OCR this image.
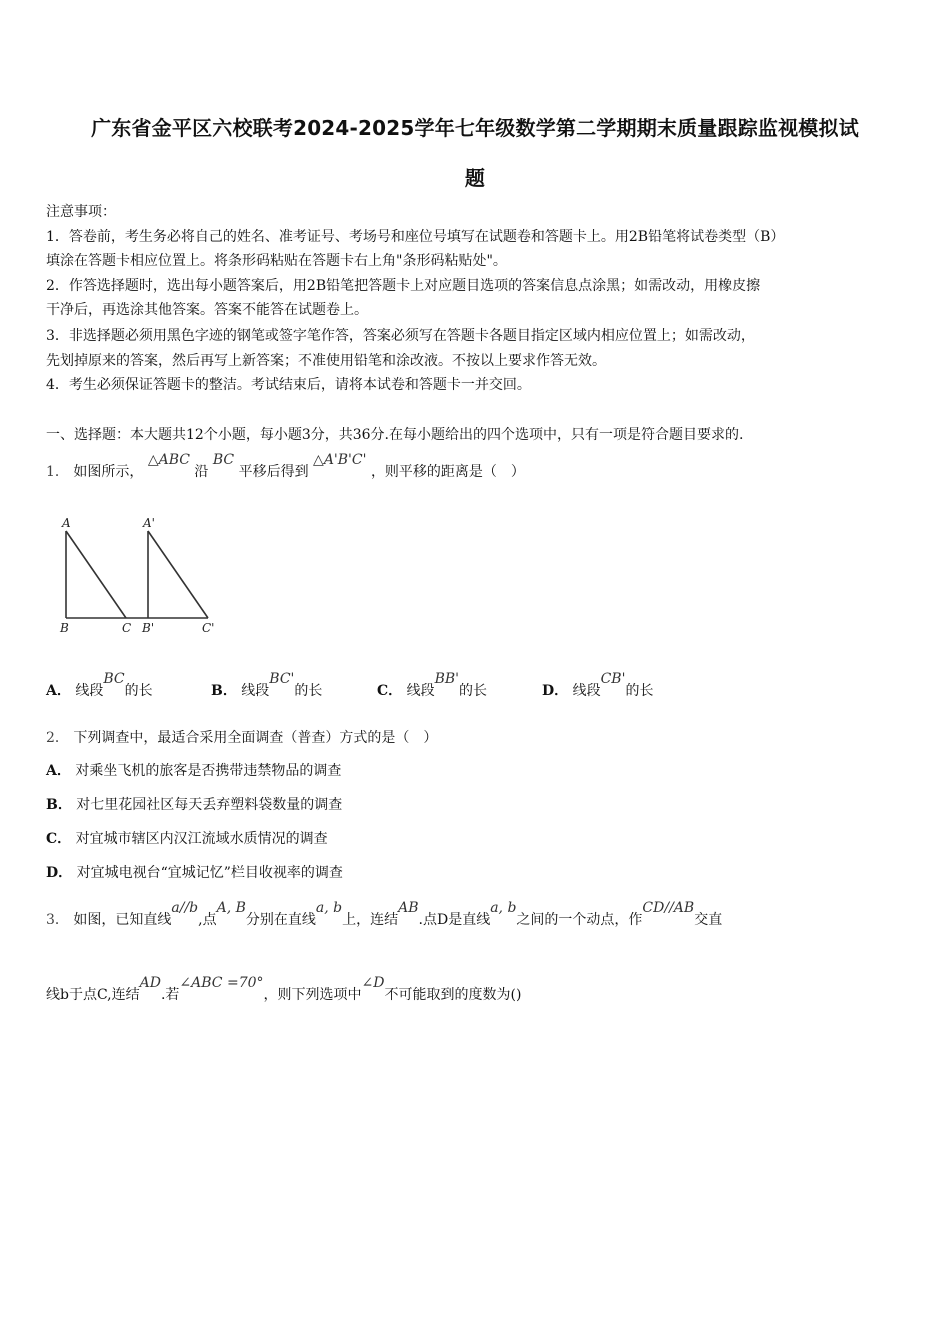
广东省金平区六校联考2024-2025学年七年级数学第二学期期末质量跟踪监视模拟试
题
注意事项：
1．答卷前，考生务必将自己的姓名、准考证号、考场号和座位号填写在试题卷和答题卡上。用2B铅笔将试卷类型（B）
填涂在答题卡相应位置上。将条形码粘贴在答题卡右上角"条形码粘贴处"。
2．作答选择题时，选出每小题答案后，用2B铅笔把答题卡上对应题目选项的答案信息点涂黑；如需改动，用橡皮擦
干净后，再选涂其他答案。答案不能答在试题卷上。
3．非选择题必须用黑色字迹的钢笔或签字笔作答，答案必须写在答题卡各题目指定区域内相应位置上；如需改动，
先划掉原来的答案，然后再写上新答案；不准使用铅笔和涂改液。不按以上要求作答无效。
4．考生必须保证答题卡的整洁。考试结束后，请将本试卷和答题卡一并交回。
一、选择题：本大题共12个小题，每小题3分，共36分.在每小题给出的四个选项中，只有一项是符合题目要求的.
1． 如图所示， △ABC 沿 BC 平移后得到 △A'B'C' ，则平移的距离是（　）
A
B	C
A'
B'	C'
A． 线段BC的长	B． 线段BC'的长	C． 线段BB'的长	D． 线段CB'的长
2． 下列调查中，最适合采用全面调查（普查）方式的是（　）
A． 对乘坐飞机的旅客是否携带违禁物品的调查
B． 对七里花园社区每天丢弃塑料袋数量的调查
C． 对宜城市辖区内汉江流域水质情况的调查
D． 对宜城电视台“宜城记忆”栏目收视率的调查
3． 如图，已知直线a//b,点A, B分别在直线a, b上，连结AB.点D是直线a, b之间的一个动点，作CD//AB交直
线b于点C,连结AD.若∠ABC =70°，则下列选项中∠D不可能取到的度数为()
